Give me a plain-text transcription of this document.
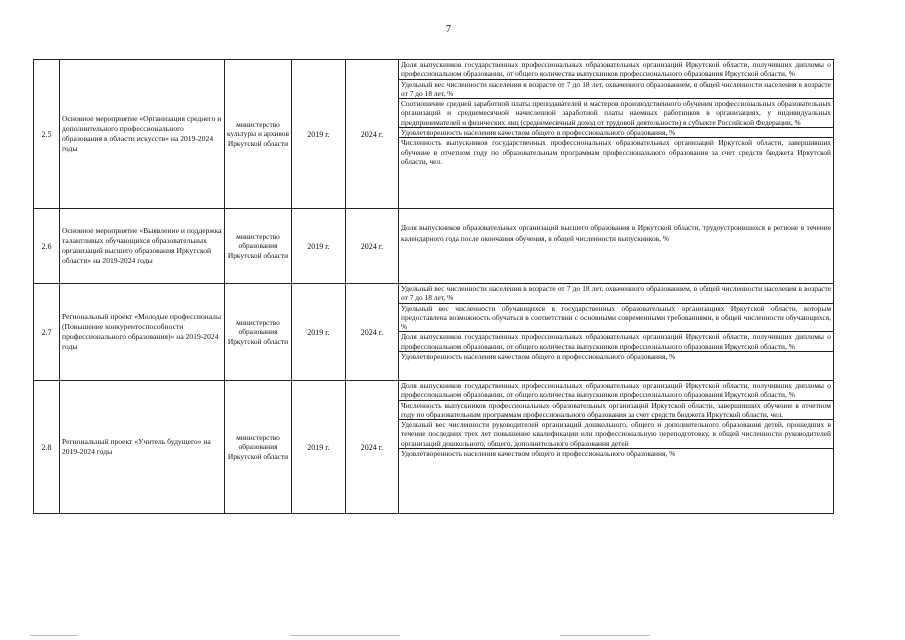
7
2.5	Основное мероприятие «Организация среднего и дополнительного профессионального образования в области искусств» на 2019-2024 годы	министерство культуры и архивов Иркутской области	2019 г.	2024 г.	Доля выпускников государственных профессиональных образовательных организаций Иркутской области, получивших дипломы о профессиональном образовании, от общего количества выпускников профессионального образования Иркутской области, %
Удельный вес численности населения в возрасте от 7 до 18 лет, охваченного образованием, в общей численности населения в возрасте от 7 до 18 лет, %
Соотношение средней заработной платы преподавателей и мастеров производственного обучения профессиональных образовательных организаций и среднемесячной начисленной заработной платы наемных работников в организациях, у индивидуальных предпринимателей и физических лиц (среднемесячный доход от трудовой деятельности) в субъекте Российской Федерации, %
Удовлетворенность населения качеством общего и профессионального образования, %
Численность выпускников государственных профессиональных образовательных организаций Иркутской области, завершивших обучение в отчетном году по образовательным программам профессионального образования за счет средств бюджета Иркутской области, чел.

2.6	Основное мероприятие «Выявление и поддержка талантливых обучающихся образовательных организаций высшего образования Иркутской области» на 2019-2024 годы	министерство образования Иркутской области	2019 г.	2024 г.	Доля выпускников образовательных организаций высшего образования в Иркутской области, трудоустроившихся в регионе в течение календарного года после окончания обучения, в общей численности выпускников, %

2.7	Региональный проект «Молодые профессионалы (Повышение конкурентоспособности профессионального образования)» на 2019-2024 годы	министерство образования Иркутской области	2019 г.	2024 г.	Удельный вес численности населения в возрасте от 7 до 18 лет, охваченного образованием, в общей численности населения в возрасте от 7 до 18 лет, %
Удельный вес численности обучающихся в государственных образовательных организациях Иркутской области, которым предоставлена возможность обучаться в соответствии с основными современными требованиями, в общей численности обучающихся, %
Доля выпускников государственных профессиональных образовательных организаций Иркутской области, получивших дипломы о профессиональном образовании, от общего количества выпускников профессионального образования Иркутской области, %
Удовлетворенность населения качеством общего и профессионального образования, %

2.8	Региональный проект «Учитель будущего» на 2019-2024 годы	министерство образования Иркутской области	2019 г.	2024 г.	Доля выпускников государственных профессиональных образовательных организаций Иркутской области, получивших дипломы о профессиональном образовании, от общего количества выпускников профессионального образования Иркутской области, %
Численность выпускников профессиональных образовательных организаций Иркутской области, завершивших обучение в отчетном году по образовательным программам профессионального образования за счет средств бюджета Иркутской области, чел.
Удельный вес численности руководителей организаций дошкольного, общего и дополнительного образования детей, прошедших в течение последних трех лет повышение квалификации или профессиональную переподготовку, в общей численности руководителей организаций дошкольного, общего, дополнительного образования детей
Удовлетворенность населения качеством общего и профессионального образования, %
